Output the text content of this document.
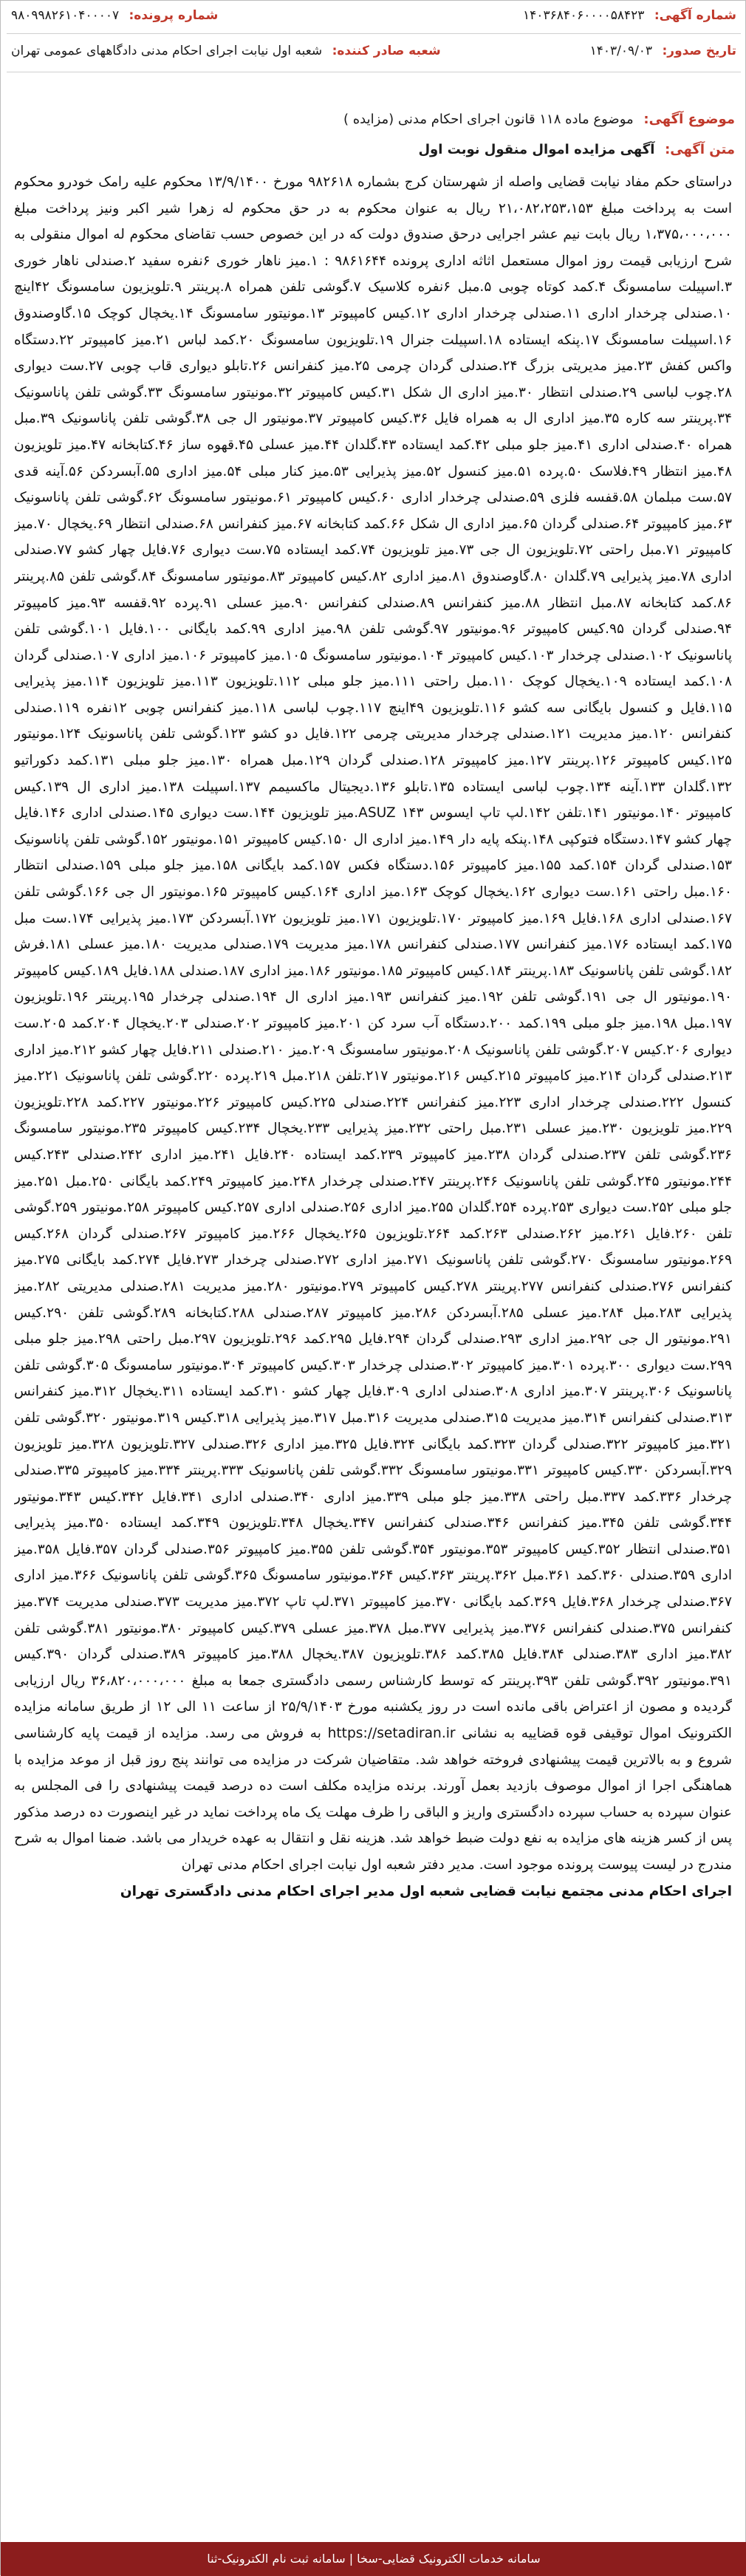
شماره آگهی: ۱۴۰۳۶۸۴۰۶۰۰۰۰۵۸۴۲۳
شماره پرونده: ۹۸۰۹۹۸۲۶۱۰۴۰۰۰۰۷
تاریخ صدور: ۱۴۰۳/۰۹/۰۳
شعبه صادر کننده: شعبه اول نیابت اجرای احکام مدنی دادگاههای عمومی تهران
موضوع آگهی: موضوع ماده ۱۱۸ قانون اجرای احکام مدنی (مزایده )
متن آگهی: آگهی مزایده اموال منقول نوبت اول
دراستای حکم مفاد نیابت قضایی واصله از شهرستان کرج بشماره ۹۸۲۶۱۸ مورخ ۱۳/۹/۱۴۰۰ محکوم علیه رامک خودرو محکوم است به پرداخت مبلغ ۲۱،۰۸۲،۲۵۳،۱۵۳ ریال به عنوان محکوم به در حق محکوم له زهرا شیر اکبر ونیز پرداخت مبلغ ۱،۳۷۵،۰۰۰،۰۰۰ ریال بابت نیم عشر اجرایی درحق صندوق دولت که در این خصوص حسب تقاضای محکوم له اموال منقولی به شرح ارزیابی قیمت روز اموال مستعمل اثاثه اداری پرونده ۹۸۶۱۶۴۴ : ۱.میز ناهار خوری ۶نفره سفید ۲.صندلی ناهار خوری ۳.اسپیلت سامسونگ ۴.کمد کوتاه چوبی ۵.مبل ۶نفره کلاسیک ۷.گوشی تلفن همراه ۸.پرینتر ۹.تلویزیون سامسونگ ۴۲اینچ ۱۰.صندلی چرخدار اداری ۱۱.صندلی چرخدار اداری ۱۲.کیس کامپیوتر ۱۳.مونیتور سامسونگ ۱۴.یخچال کوچک ۱۵.گاوصندوق ۱۶.اسپیلت سامسونگ ۱۷.پنکه ایستاده ۱۸.اسپیلت جنرال ۱۹.تلویزیون سامسونگ ۲۰.کمد لباس ۲۱.میز کامپیوتر ۲۲.دستگاه واکس کفش ۲۳.میز مدیریتی بزرگ ۲۴.صندلی گردان چرمی ۲۵.میز کنفرانس ۲۶.تابلو دیواری قاب چوبی ۲۷.ست دیواری ۲۸.چوب لباسی ۲۹.صندلی انتظار ۳۰.میز اداری ال شکل ۳۱.کیس کامپیوتر ۳۲.مونیتور سامسونگ ۳۳.گوشی تلفن پاناسونیک ۳۴.پرینتر سه کاره ۳۵.میز اداری ال به همراه فایل ۳۶.کیس کامپیوتر ۳۷.مونیتور ال جی ۳۸.گوشی تلفن پاناسونیک ۳۹.مبل همراه ۴۰.صندلی اداری ۴۱.میز جلو مبلی ۴۲.کمد ایستاده ۴۳.گلدان ۴۴.میز عسلی ۴۵.قهوه ساز ۴۶.کتابخانه ۴۷.میز تلویزیون ۴۸.میز انتظار ۴۹.فلاسک ۵۰.پرده ۵۱.میز کنسول ۵۲.میز پذیرایی ۵۳.میز کنار مبلی ۵۴.میز اداری ۵۵.آبسردکن ۵۶.آینه قدی ۵۷.ست مبلمان ۵۸.قفسه فلزی ۵۹.صندلی چرخدار اداری ۶۰.کیس کامپیوتر ۶۱.مونیتور سامسونگ ۶۲.گوشی تلفن پاناسونیک ۶۳.میز کامپیوتر ۶۴.صندلی گردان ۶۵.میز اداری ال شکل ۶۶.کمد کتابخانه ۶۷.میز کنفرانس ۶۸.صندلی انتظار ۶۹.یخچال ۷۰.میز کامپیوتر ۷۱.مبل راحتی ۷۲.تلویزیون ال جی ۷۳.میز تلویزیون ۷۴.کمد ایستاده ۷۵.ست دیواری ۷۶.فایل چهار کشو ۷۷.صندلی اداری ۷۸.میز پذیرایی ۷۹.گلدان ۸۰.گاوصندوق ۸۱.میز اداری ۸۲.کیس کامپیوتر ۸۳.مونیتور سامسونگ ۸۴.گوشی تلفن ۸۵.پرینتر ۸۶.کمد کتابخانه ۸۷.مبل انتظار ۸۸.میز کنفرانس ۸۹.صندلی کنفرانس ۹۰.میز عسلی ۹۱.پرده ۹۲.قفسه ۹۳.میز کامپیوتر ۹۴.صندلی گردان ۹۵.کیس کامپیوتر ۹۶.مونیتور ۹۷.گوشی تلفن ۹۸.میز اداری ۹۹.کمد بایگانی ۱۰۰.فایل ۱۰۱.گوشی تلفن پاناسونیک ۱۰۲.صندلی چرخدار ۱۰۳.کیس کامپیوتر ۱۰۴.مونیتور سامسونگ ۱۰۵.میز کامپیوتر ۱۰۶.میز اداری ۱۰۷.صندلی گردان ۱۰۸.کمد ایستاده ۱۰۹.یخچال کوچک ۱۱۰.مبل راحتی ۱۱۱.میز جلو مبلی ۱۱۲.تلویزیون ۱۱۳.میز تلویزیون ۱۱۴.میز پذیرایی ۱۱۵.فایل و کنسول بایگانی سه کشو ۱۱۶.تلویزیون ۴۹اینچ ۱۱۷.چوب لباسی ۱۱۸.میز کنفرانس چوبی ۱۲نفره ۱۱۹.صندلی کنفرانس ۱۲۰.میز مدیریت ۱۲۱.صندلی چرخدار مدیریتی چرمی ۱۲۲.فایل دو کشو ۱۲۳.گوشی تلفن پاناسونیک ۱۲۴.مونیتور ۱۲۵.کیس کامپیوتر ۱۲۶.پرینتر ۱۲۷.میز کامپیوتر ۱۲۸.صندلی گردان ۱۲۹.مبل همراه ۱۳۰.میز جلو مبلی ۱۳۱.کمد دکوراتیو ۱۳۲.گلدان ۱۳۳.آینه ۱۳۴.چوب لباسی ایستاده ۱۳۵.تابلو ۱۳۶.دیجیتال ماکسیمم ۱۳۷.اسپیلت ۱۳۸.میز اداری ال ۱۳۹.کیس کامپیوتر ۱۴۰.مونیتور ۱۴۱.تلفن ۱۴۲.لپ تاپ ایسوس ASUZ ۱۴۳.میز تلویزیون ۱۴۴.ست دیواری ۱۴۵.صندلی اداری ۱۴۶.فایل چهار کشو ۱۴۷.دستگاه فتوکپی ۱۴۸.پنکه پایه دار ۱۴۹.میز اداری ال ۱۵۰.کیس کامپیوتر ۱۵۱.مونیتور ۱۵۲.گوشی تلفن پاناسونیک ۱۵۳.صندلی گردان ۱۵۴.کمد ۱۵۵.میز کامپیوتر ۱۵۶.دستگاه فکس ۱۵۷.کمد بایگانی ۱۵۸.میز جلو مبلی ۱۵۹.صندلی انتظار ۱۶۰.مبل راحتی ۱۶۱.ست دیواری ۱۶۲.یخچال کوچک ۱۶۳.میز اداری ۱۶۴.کیس کامپیوتر ۱۶۵.مونیتور ال جی ۱۶۶.گوشی تلفن ۱۶۷.صندلی اداری ۱۶۸.فایل ۱۶۹.میز کامپیوتر ۱۷۰.تلویزیون ۱۷۱.میز تلویزیون ۱۷۲.آبسردکن ۱۷۳.میز پذیرایی ۱۷۴.ست مبل ۱۷۵.کمد ایستاده ۱۷۶.میز کنفرانس ۱۷۷.صندلی کنفرانس ۱۷۸.میز مدیریت ۱۷۹.صندلی مدیریت ۱۸۰.میز عسلی ۱۸۱.فرش ۱۸۲.گوشی تلفن پاناسونیک ۱۸۳.پرینتر ۱۸۴.کیس کامپیوتر ۱۸۵.مونیتور ۱۸۶.میز اداری ۱۸۷.صندلی ۱۸۸.فایل ۱۸۹.کیس کامپیوتر ۱۹۰.مونیتور ال جی ۱۹۱.گوشی تلفن ۱۹۲.میز کنفرانس ۱۹۳.میز اداری ال ۱۹۴.صندلی چرخدار ۱۹۵.پرینتر ۱۹۶.تلویزیون ۱۹۷.مبل ۱۹۸.میز جلو مبلی ۱۹۹.کمد ۲۰۰.دستگاه آب سرد کن ۲۰۱.میز کامپیوتر ۲۰۲.صندلی ۲۰۳.یخچال ۲۰۴.کمد ۲۰۵.ست دیواری ۲۰۶.کیس ۲۰۷.گوشی تلفن پاناسونیک ۲۰۸.مونیتور سامسونگ ۲۰۹.میز ۲۱۰.صندلی ۲۱۱.فایل چهار کشو ۲۱۲.میز اداری ۲۱۳.صندلی گردان ۲۱۴.میز کامپیوتر ۲۱۵.کیس ۲۱۶.مونیتور ۲۱۷.تلفن ۲۱۸.مبل ۲۱۹.پرده ۲۲۰.گوشی تلفن پاناسونیک ۲۲۱.میز کنسول ۲۲۲.صندلی چرخدار اداری ۲۲۳.میز کنفرانس ۲۲۴.صندلی ۲۲۵.کیس کامپیوتر ۲۲۶.مونیتور ۲۲۷.کمد ۲۲۸.تلویزیون ۲۲۹.میز تلویزیون ۲۳۰.میز عسلی ۲۳۱.مبل راحتی ۲۳۲.میز پذیرایی ۲۳۳.یخچال ۲۳۴.کیس کامپیوتر ۲۳۵.مونیتور سامسونگ ۲۳۶.گوشی تلفن ۲۳۷.صندلی گردان ۲۳۸.میز کامپیوتر ۲۳۹.کمد ایستاده ۲۴۰.فایل ۲۴۱.میز اداری ۲۴۲.صندلی ۲۴۳.کیس ۲۴۴.مونیتور ۲۴۵.گوشی تلفن پاناسونیک ۲۴۶.پرینتر ۲۴۷.صندلی چرخدار ۲۴۸.میز کامپیوتر ۲۴۹.کمد بایگانی ۲۵۰.مبل ۲۵۱.میز جلو مبلی ۲۵۲.ست دیواری ۲۵۳.پرده ۲۵۴.گلدان ۲۵۵.میز اداری ۲۵۶.صندلی اداری ۲۵۷.کیس کامپیوتر ۲۵۸.مونیتور ۲۵۹.گوشی تلفن ۲۶۰.فایل ۲۶۱.میز ۲۶۲.صندلی ۲۶۳.کمد ۲۶۴.تلویزیون ۲۶۵.یخچال ۲۶۶.میز کامپیوتر ۲۶۷.صندلی گردان ۲۶۸.کیس ۲۶۹.مونیتور سامسونگ ۲۷۰.گوشی تلفن پاناسونیک ۲۷۱.میز اداری ۲۷۲.صندلی چرخدار ۲۷۳.فایل ۲۷۴.کمد بایگانی ۲۷۵.میز کنفرانس ۲۷۶.صندلی کنفرانس ۲۷۷.پرینتر ۲۷۸.کیس کامپیوتر ۲۷۹.مونیتور ۲۸۰.میز مدیریت ۲۸۱.صندلی مدیریتی ۲۸۲.میز پذیرایی ۲۸۳.مبل ۲۸۴.میز عسلی ۲۸۵.آبسردکن ۲۸۶.میز کامپیوتر ۲۸۷.صندلی ۲۸۸.کتابخانه ۲۸۹.گوشی تلفن ۲۹۰.کیس ۲۹۱.مونیتور ال جی ۲۹۲.میز اداری ۲۹۳.صندلی گردان ۲۹۴.فایل ۲۹۵.کمد ۲۹۶.تلویزیون ۲۹۷.مبل راحتی ۲۹۸.میز جلو مبلی ۲۹۹.ست دیواری ۳۰۰.پرده ۳۰۱.میز کامپیوتر ۳۰۲.صندلی چرخدار ۳۰۳.کیس کامپیوتر ۳۰۴.مونیتور سامسونگ ۳۰۵.گوشی تلفن پاناسونیک ۳۰۶.پرینتر ۳۰۷.میز اداری ۳۰۸.صندلی اداری ۳۰۹.فایل چهار کشو ۳۱۰.کمد ایستاده ۳۱۱.یخچال ۳۱۲.میز کنفرانس ۳۱۳.صندلی کنفرانس ۳۱۴.میز مدیریت ۳۱۵.صندلی مدیریت ۳۱۶.مبل ۳۱۷.میز پذیرایی ۳۱۸.کیس ۳۱۹.مونیتور ۳۲۰.گوشی تلفن ۳۲۱.میز کامپیوتر ۳۲۲.صندلی گردان ۳۲۳.کمد بایگانی ۳۲۴.فایل ۳۲۵.میز اداری ۳۲۶.صندلی ۳۲۷.تلویزیون ۳۲۸.میز تلویزیون ۳۲۹.آبسردکن ۳۳۰.کیس کامپیوتر ۳۳۱.مونیتور سامسونگ ۳۳۲.گوشی تلفن پاناسونیک ۳۳۳.پرینتر ۳۳۴.میز کامپیوتر ۳۳۵.صندلی چرخدار ۳۳۶.کمد ۳۳۷.مبل راحتی ۳۳۸.میز جلو مبلی ۳۳۹.میز اداری ۳۴۰.صندلی اداری ۳۴۱.فایل ۳۴۲.کیس ۳۴۳.مونیتور ۳۴۴.گوشی تلفن ۳۴۵.میز کنفرانس ۳۴۶.صندلی کنفرانس ۳۴۷.یخچال ۳۴۸.تلویزیون ۳۴۹.کمد ایستاده ۳۵۰.میز پذیرایی ۳۵۱.صندلی انتظار ۳۵۲.کیس کامپیوتر ۳۵۳.مونیتور ۳۵۴.گوشی تلفن ۳۵۵.میز کامپیوتر ۳۵۶.صندلی گردان ۳۵۷.فایل ۳۵۸.میز اداری ۳۵۹.صندلی ۳۶۰.کمد ۳۶۱.مبل ۳۶۲.پرینتر ۳۶۳.کیس ۳۶۴.مونیتور سامسونگ ۳۶۵.گوشی تلفن پاناسونیک ۳۶۶.میز اداری ۳۶۷.صندلی چرخدار ۳۶۸.فایل ۳۶۹.کمد بایگانی ۳۷۰.میز کامپیوتر ۳۷۱.لپ تاپ ۳۷۲.میز مدیریت ۳۷۳.صندلی مدیریت ۳۷۴.میز کنفرانس ۳۷۵.صندلی کنفرانس ۳۷۶.میز پذیرایی ۳۷۷.مبل ۳۷۸.میز عسلی ۳۷۹.کیس کامپیوتر ۳۸۰.مونیتور ۳۸۱.گوشی تلفن ۳۸۲.میز اداری ۳۸۳.صندلی ۳۸۴.فایل ۳۸۵.کمد ۳۸۶.تلویزیون ۳۸۷.یخچال ۳۸۸.میز کامپیوتر ۳۸۹.صندلی گردان ۳۹۰.کیس ۳۹۱.مونیتور ۳۹۲.گوشی تلفن ۳۹۳.پرینتر که توسط کارشناس رسمی دادگستری جمعا به مبلغ ۳۶،۸۲۰،۰۰۰،۰۰۰ ریال ارزیابی گردیده و مصون از اعتراض باقی مانده است در روز یکشنبه مورخ ۲۵/۹/۱۴۰۳ از ساعت ۱۱ الی ۱۲ از طریق سامانه مزایده الکترونیک اموال توقیفی قوه قضاییه به نشانی https://setadiran.ir به فروش می رسد. مزایده از قیمت پایه کارشناسی شروع و به بالاترین قیمت پیشنهادی فروخته خواهد شد. متقاضیان شرکت در مزایده می توانند پنج روز قبل از موعد مزایده با هماهنگی اجرا از اموال موصوف بازدید بعمل آورند. برنده مزایده مکلف است ده درصد قیمت پیشنهادی را فی المجلس به عنوان سپرده به حساب سپرده دادگستری واریز و الباقی را ظرف مهلت یک ماه پرداخت نماید در غیر اینصورت ده درصد مذکور پس از کسر هزینه های مزایده به نفع دولت ضبط خواهد شد. هزینه نقل و انتقال به عهده خریدار می باشد. ضمنا اموال به شرح مندرج در لیست پیوست پرونده موجود است. مدیر دفتر شعبه اول نیابت اجرای احکام مدنی تهران
اجرای احکام مدنی مجتمع نیابت قضایی شعبه اول مدیر اجرای احکام مدنی دادگستری تهران
سامانه خدمات الکترونیک قضایی-سخا | سامانه ثبت نام الکترونیک-ثنا
